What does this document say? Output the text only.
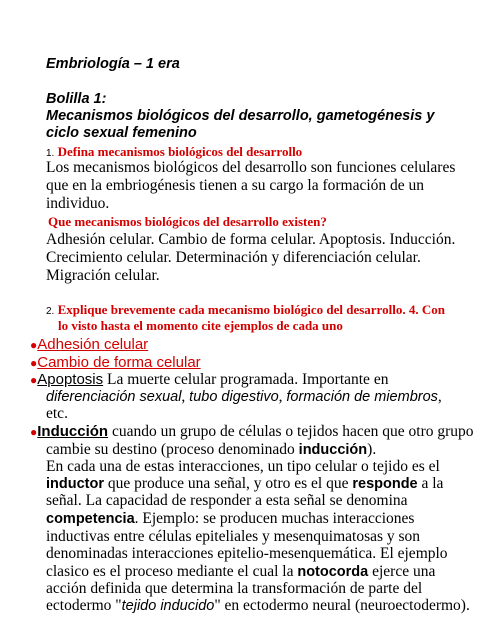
Embriología – 1 era
Bolilla 1:
Mecanismos biológicos del desarrollo, gametogénesis y
ciclo sexual femenino
1. Defina mecanismos biológicos del desarrollo
Los mecanismos biológicos del desarrollo son funciones celulares
que en la embriogénesis tienen a su cargo la formación de un
individuo.
Que mecanismos biológicos del desarrollo existen?
Adhesión celular. Cambio de forma celular. Apoptosis. Inducción.
Crecimiento celular. Determinación y diferenciación celular.
Migración celular.
2. Explique brevemente cada mecanismo biológico del desarrollo. 4. Con
lo visto hasta el momento cite ejemplos de cada uno
●Adhesión celular
●Cambio de forma celular
●Apoptosis La muerte celular programada. Importante en
diferenciación sexual, tubo digestivo, formación de miembros,
etc.
●Inducción cuando un grupo de células o tejidos hacen que otro grupo
cambie su destino (proceso denominado inducción).
En cada una de estas interacciones, un tipo celular o tejido es el
inductor que produce una señal, y otro es el que responde a la
señal. La capacidad de responder a esta señal se denomina
competencia. Ejemplo: se producen muchas interacciones
inductivas entre células epiteliales y mesenquimatosas y son
denominadas interacciones epitelio-mesenquemática. El ejemplo
clasico es el proceso mediante el cual la notocorda ejerce una
acción definida que determina la transformación de parte del
ectodermo "tejido inducido" en ectodermo neural (neuroectodermo).
